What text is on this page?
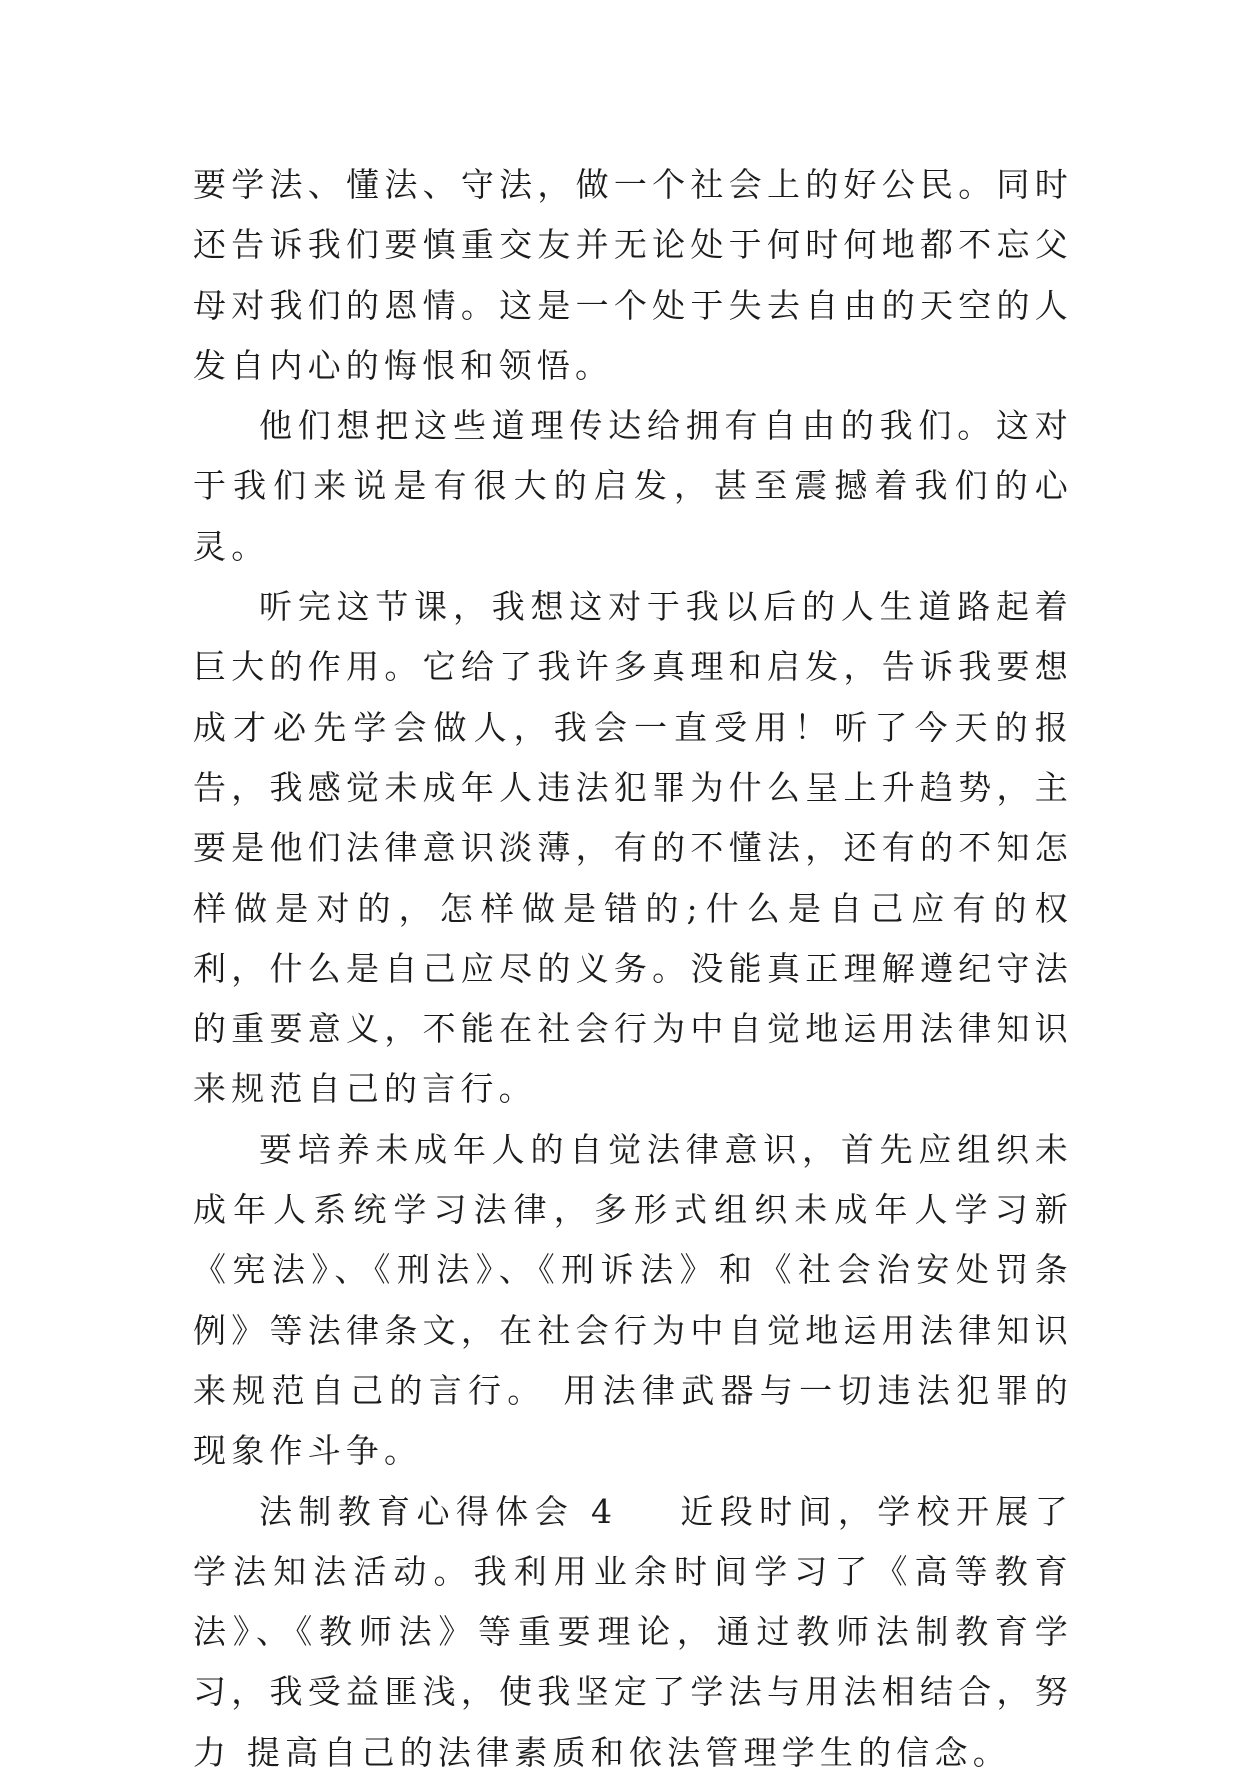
要学法、懂法、守法，做一个社会上的好公民。同时还告诉我们要慎重交友并无论处于何时何地都不忘父母对我们的恩情。这是一个处于失去自由的天空的人发自内心的悔恨和领悟。

他们想把这些道理传达给拥有自由的我们。这对于我们来说是有很大的启发，甚至震撼着我们的心灵。

听完这节课，我想这对于我以后的人生道路起着巨大的作用。它给了我许多真理和启发，告诉我要想成才必先学会做人，我会一直受用！听了今天的报告，我感觉未成年人违法犯罪为什么呈上升趋势，主要是他们法律意识淡薄，有的不懂法，还有的不知怎样做是对的，怎样做是错的;什么是自己应有的权利，什么是自己应尽的义务。没能真正理解遵纪守法的重要意义，不能在社会行为中自觉地运用法律知识来规范自己的言行。

要培养未成年人的自觉法律意识，首先应组织未成年人系统学习法律，多形式组织未成年人学习新《宪法》、《刑法》、《刑诉法》和《社会治安处罚条例》等法律条文，在社会行为中自觉地运用法律知识来规范自己的言行。 用法律武器与一切违法犯罪的现象作斗争。

法制教育心得体会 4 近段时间，学校开展了学法知法活动。我利用业余时间学习了《高等教育法》、《教师法》等重要理论，通过教师法制教育学习，我受益匪浅，使我坚定了学法与用法相结合，努力 提高自己的法律素质和依法管理学生的信念。
